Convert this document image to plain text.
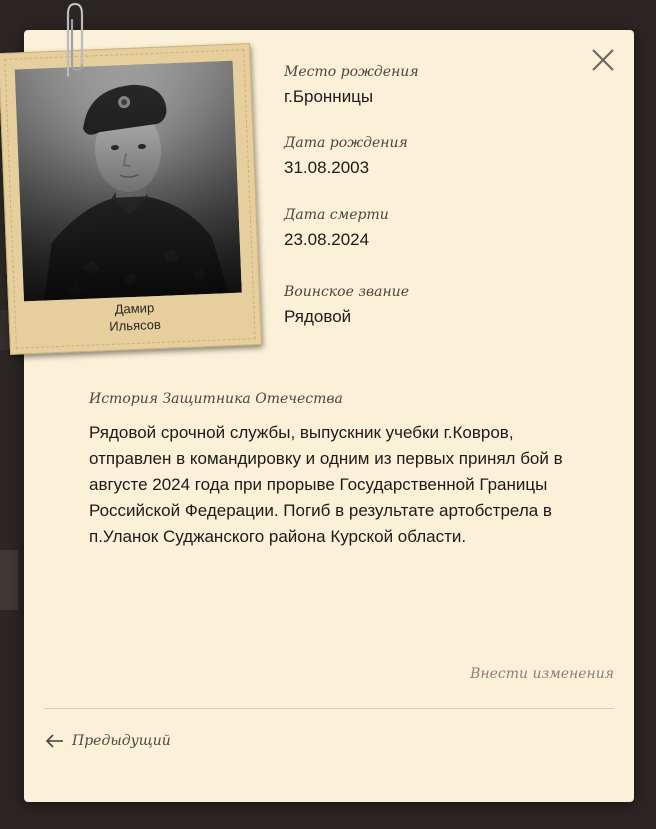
Дамир
Ильясов
Место рождения
г.Бронницы
Дата рождения
31.08.2003
Дата смерти
23.08.2024
Воинское звание
Рядовой
История Защитника Отечества
Рядовой срочной службы, выпускник учебки г.Ковров, отправлен в командировку и одним из первых принял бой в августе 2024 года при прорыве Государственной Границы Российской Федерации. Погиб в результате артобстрела в п.Уланок Суджанского района Курской области.
Внести изменения
Предыдущий
